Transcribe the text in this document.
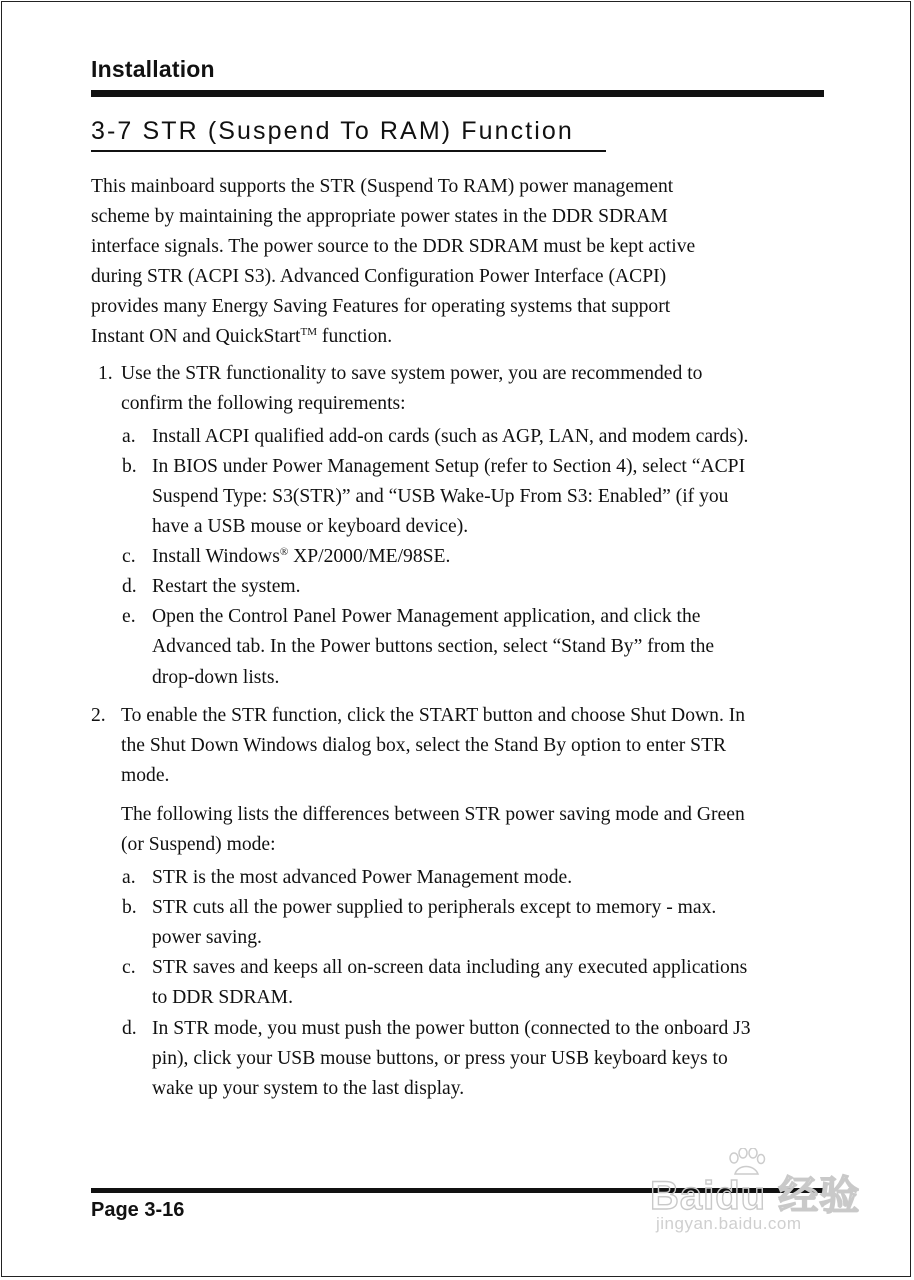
Installation
3-7 STR (Suspend To RAM) Function
This mainboard supports the STR (Suspend To RAM) power management
scheme by maintaining the appropriate power states in the DDR SDRAM
interface signals. The power source to the DDR SDRAM must be kept active
during STR (ACPI S3). Advanced Configuration Power Interface (ACPI)
provides many Energy Saving Features for operating systems that support
Instant ON and QuickStart™ function.
1. Use the STR functionality to save system power, you are recommended to
confirm the following requirements:
a. Install ACPI qualified add-on cards (such as AGP, LAN, and modem cards).
b. In BIOS under Power Management Setup (refer to Section 4), select “ACPI
Suspend Type: S3(STR)” and “USB Wake-Up From S3: Enabled” (if you
have a USB mouse or keyboard device).
c. Install Windows® XP/2000/ME/98SE.
d. Restart the system.
e. Open the Control Panel Power Management application, and click the
Advanced tab. In the Power buttons section, select “Stand By” from the
drop-down lists.
2. To enable the STR function, click the START button and choose Shut Down. In
the Shut Down Windows dialog box, select the Stand By option to enter STR
mode.
The following lists the differences between STR power saving mode and Green
(or Suspend) mode:
a. STR is the most advanced Power Management mode.
b. STR cuts all the power supplied to peripherals except to memory - max.
power saving.
c. STR saves and keeps all on-screen data including any executed applications
to DDR SDRAM.
d. In STR mode, you must push the power button (connected to the onboard J3
pin), click your USB mouse buttons, or press your USB keyboard keys to
wake up your system to the last display.
Page 3-16	Baidu 经验
jingyan.baidu.com
